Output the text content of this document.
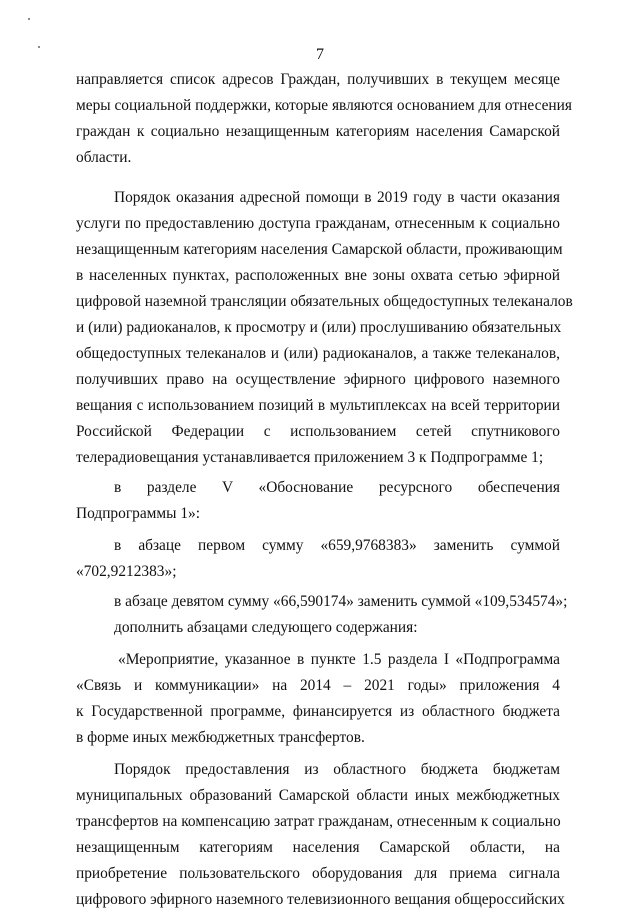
7
направляется список адресов Граждан, получивших в текущем месяце
меры социальной поддержки, которые являются основанием для отнесения
граждан к социально незащищенным категориям населения Самарской
области.
Порядок оказания адресной помощи в 2019 году в части оказания
услуги по предоставлению доступа гражданам, отнесенным к социально
незащищенным категориям населения Самарской области, проживающим
в населенных пунктах, расположенных вне зоны охвата сетью эфирной
цифровой наземной трансляции обязательных общедоступных телеканалов
и (или) радиоканалов, к просмотру и (или) прослушиванию обязательных
общедоступных телеканалов и (или) радиоканалов, а также телеканалов,
получивших право на осуществление эфирного цифрового наземного
вещания с использованием позиций в мультиплексах на всей территории
Российской Федерации с использованием сетей спутникового
телерадиовещания устанавливается приложением 3 к Подпрограмме 1;
в разделе V «Обоснование ресурсного обеспечения
Подпрограммы 1»:
в абзаце первом сумму «659,9768383» заменить суммой
«702,9212383»;
в абзаце девятом сумму «66,590174» заменить суммой «109,534574»;
дополнить абзацами следующего содержания:
«Мероприятие, указанное в пункте 1.5 раздела I «Подпрограмма
«Связь и коммуникации» на 2014 – 2021 годы» приложения 4
к Государственной программе, финансируется из областного бюджета
в форме иных межбюджетных трансфертов.
Порядок предоставления из областного бюджета бюджетам
муниципальных образований Самарской области иных межбюджетных
трансфертов на компенсацию затрат гражданам, отнесенным к социально
незащищенным категориям населения Самарской области, на
приобретение пользовательского оборудования для приема сигнала
цифрового эфирного наземного телевизионного вещания общероссийских
